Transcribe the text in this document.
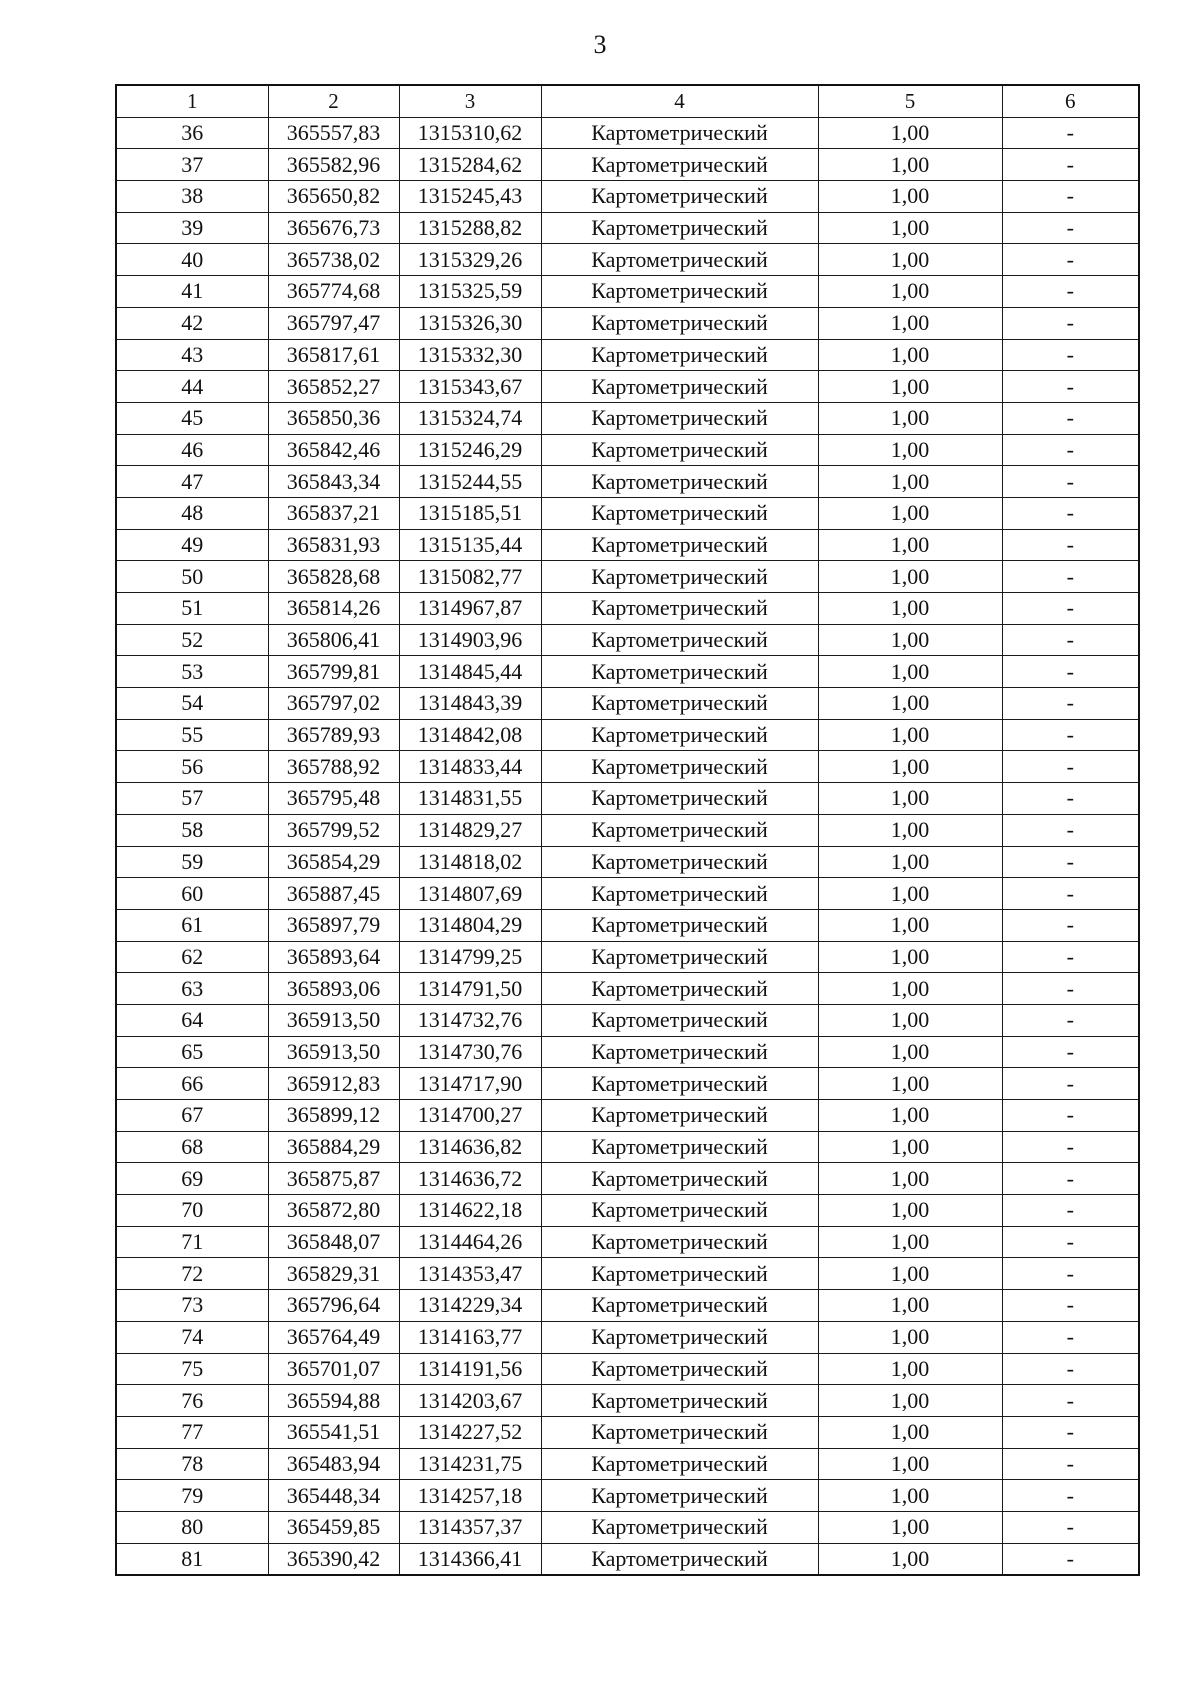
3
1	2	3	4	5	6
36	365557,83	1315310,62	Картометрический	1,00	-
37	365582,96	1315284,62	Картометрический	1,00	-
38	365650,82	1315245,43	Картометрический	1,00	-
39	365676,73	1315288,82	Картометрический	1,00	-
40	365738,02	1315329,26	Картометрический	1,00	-
41	365774,68	1315325,59	Картометрический	1,00	-
42	365797,47	1315326,30	Картометрический	1,00	-
43	365817,61	1315332,30	Картометрический	1,00	-
44	365852,27	1315343,67	Картометрический	1,00	-
45	365850,36	1315324,74	Картометрический	1,00	-
46	365842,46	1315246,29	Картометрический	1,00	-
47	365843,34	1315244,55	Картометрический	1,00	-
48	365837,21	1315185,51	Картометрический	1,00	-
49	365831,93	1315135,44	Картометрический	1,00	-
50	365828,68	1315082,77	Картометрический	1,00	-
51	365814,26	1314967,87	Картометрический	1,00	-
52	365806,41	1314903,96	Картометрический	1,00	-
53	365799,81	1314845,44	Картометрический	1,00	-
54	365797,02	1314843,39	Картометрический	1,00	-
55	365789,93	1314842,08	Картометрический	1,00	-
56	365788,92	1314833,44	Картометрический	1,00	-
57	365795,48	1314831,55	Картометрический	1,00	-
58	365799,52	1314829,27	Картометрический	1,00	-
59	365854,29	1314818,02	Картометрический	1,00	-
60	365887,45	1314807,69	Картометрический	1,00	-
61	365897,79	1314804,29	Картометрический	1,00	-
62	365893,64	1314799,25	Картометрический	1,00	-
63	365893,06	1314791,50	Картометрический	1,00	-
64	365913,50	1314732,76	Картометрический	1,00	-
65	365913,50	1314730,76	Картометрический	1,00	-
66	365912,83	1314717,90	Картометрический	1,00	-
67	365899,12	1314700,27	Картометрический	1,00	-
68	365884,29	1314636,82	Картометрический	1,00	-
69	365875,87	1314636,72	Картометрический	1,00	-
70	365872,80	1314622,18	Картометрический	1,00	-
71	365848,07	1314464,26	Картометрический	1,00	-
72	365829,31	1314353,47	Картометрический	1,00	-
73	365796,64	1314229,34	Картометрический	1,00	-
74	365764,49	1314163,77	Картометрический	1,00	-
75	365701,07	1314191,56	Картометрический	1,00	-
76	365594,88	1314203,67	Картометрический	1,00	-
77	365541,51	1314227,52	Картометрический	1,00	-
78	365483,94	1314231,75	Картометрический	1,00	-
79	365448,34	1314257,18	Картометрический	1,00	-
80	365459,85	1314357,37	Картометрический	1,00	-
81	365390,42	1314366,41	Картометрический	1,00	-
